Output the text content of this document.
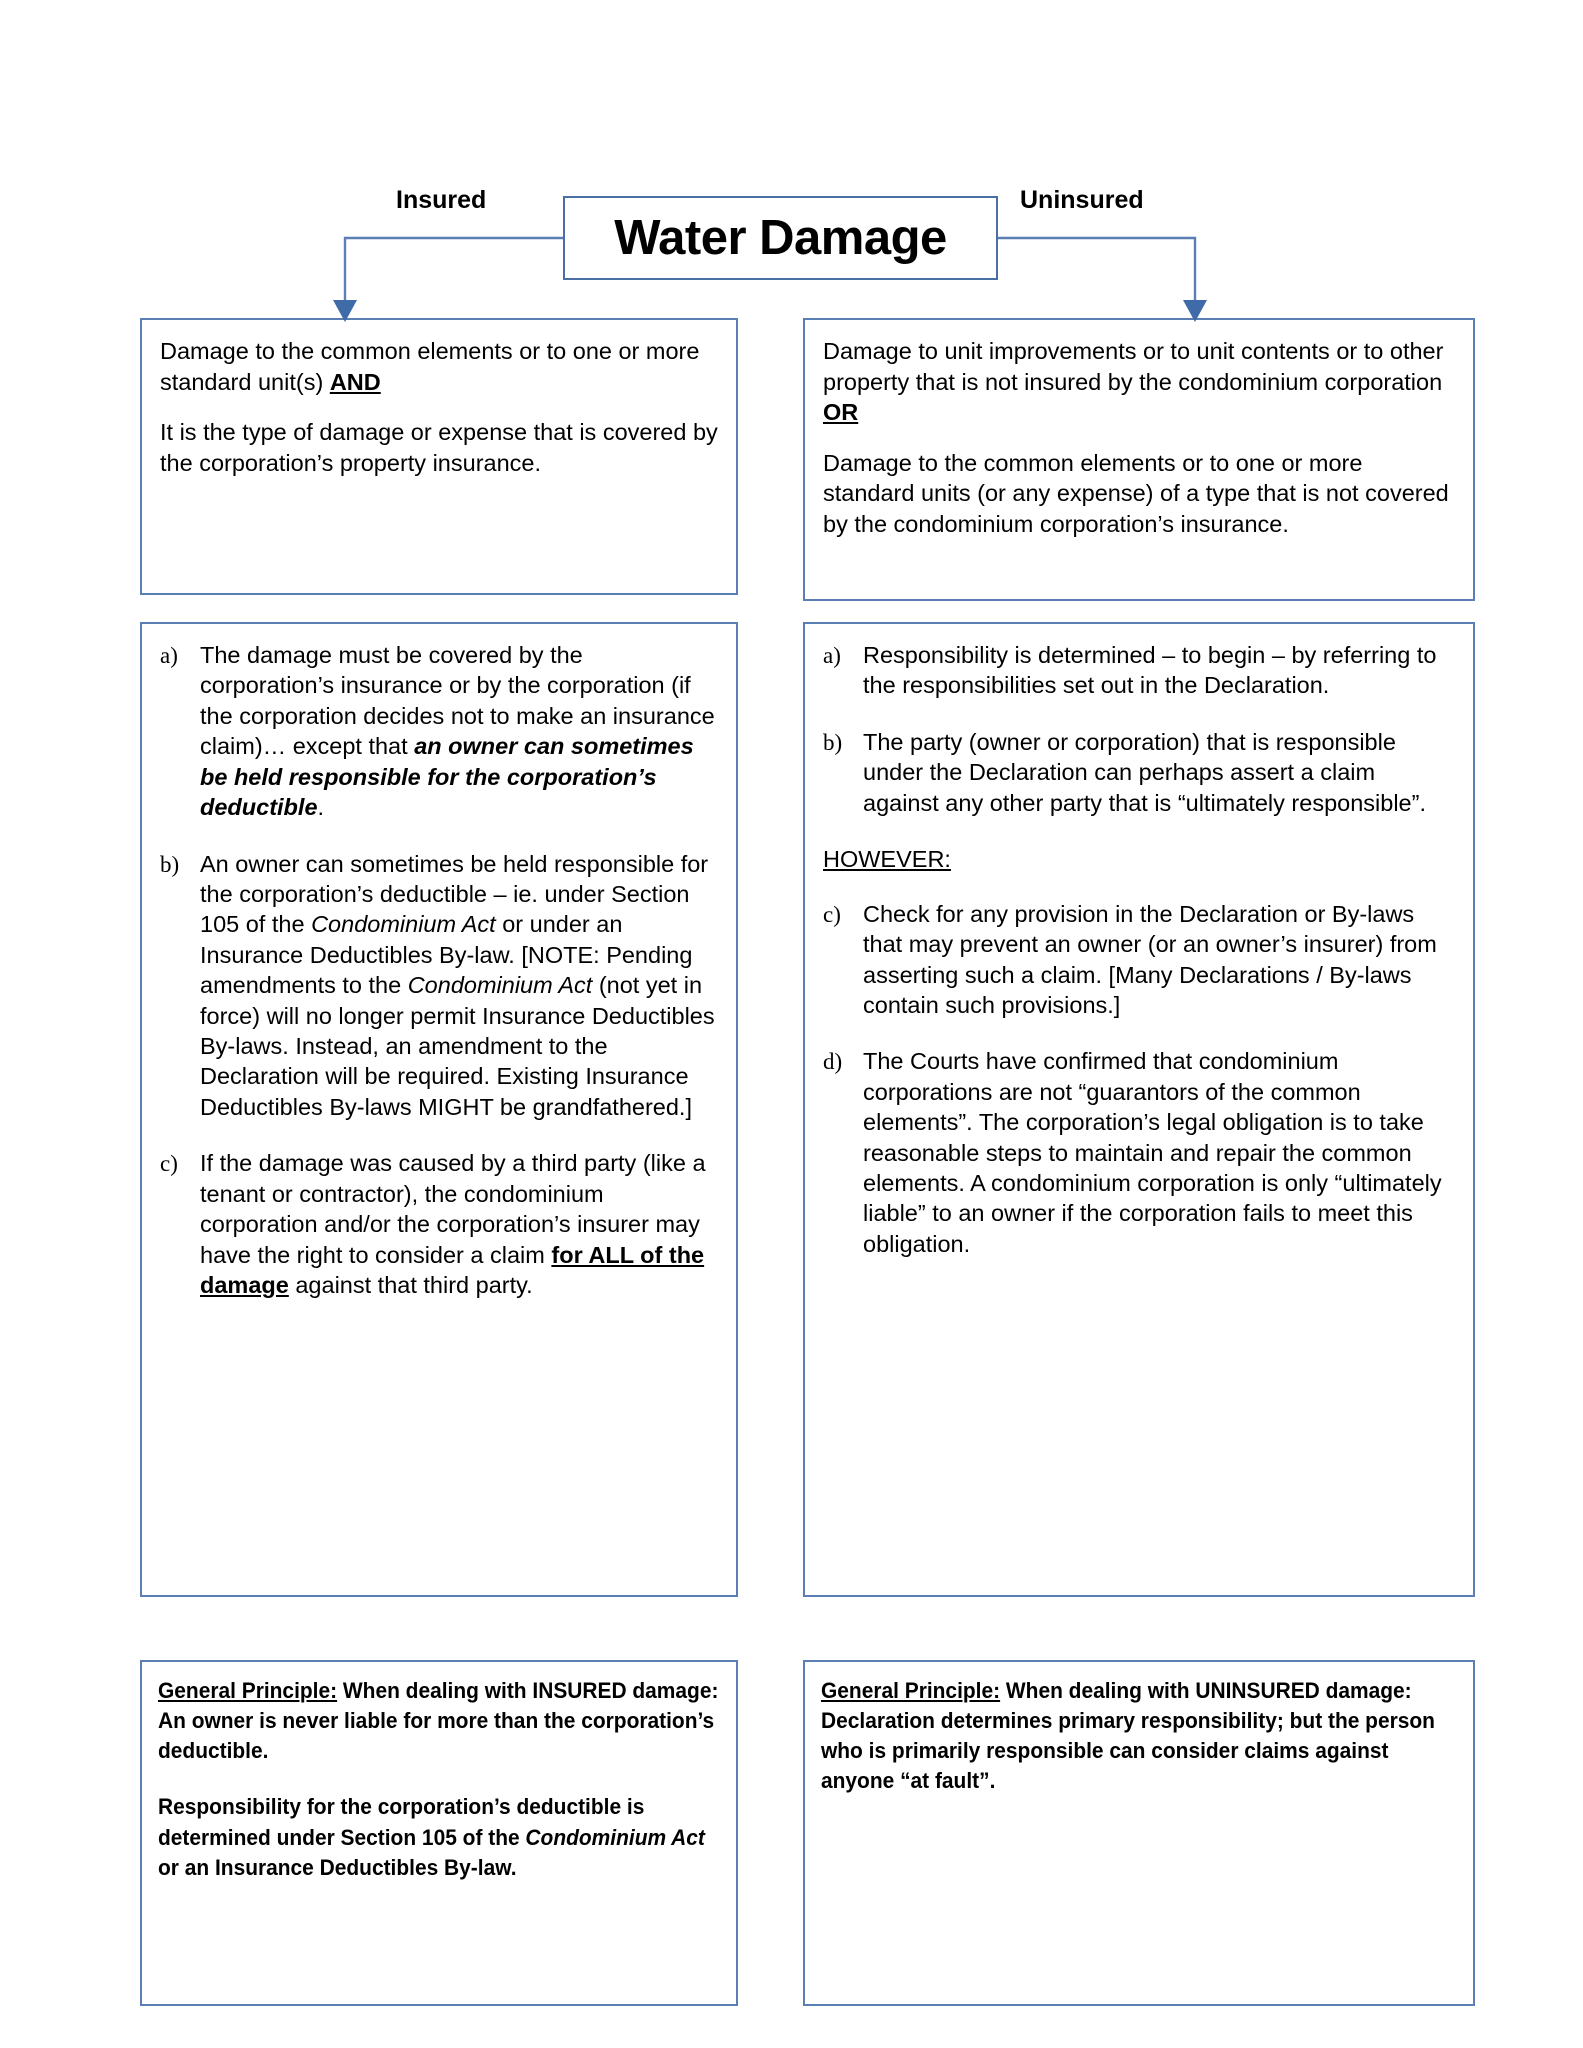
Insured
Water Damage
Uninsured

Damage to the common elements or to one or more standard unit(s) AND

It is the type of damage or expense that is covered by the corporation’s property insurance.

Damage to unit improvements or to unit contents or to other property that is not insured by the condominium corporation OR

Damage to the common elements or to one or more standard units (or any expense) of a type that is not covered by the condominium corporation’s insurance.

a) The damage must be covered by the corporation’s insurance or by the corporation (if the corporation decides not to make an insurance claim)… except that an owner can sometimes be held responsible for the corporation’s deductible.
b) An owner can sometimes be held responsible for the corporation’s deductible – ie. under Section 105 of the Condominium Act or under an Insurance Deductibles By-law. [NOTE: Pending amendments to the Condominium Act (not yet in force) will no longer permit Insurance Deductibles By-laws. Instead, an amendment to the Declaration will be required. Existing Insurance Deductibles By-laws MIGHT be grandfathered.]
c) If the damage was caused by a third party (like a tenant or contractor), the condominium corporation and/or the corporation’s insurer may have the right to consider a claim for ALL of the damage against that third party.
a) Responsibility is determined – to begin – by referring to the responsibilities set out in the Declaration.
b) The party (owner or corporation) that is responsible under the Declaration can perhaps assert a claim against any other party that is “ultimately responsible”.

HOWEVER:

c) Check for any provision in the Declaration or By-laws that may prevent an owner (or an owner’s insurer) from asserting such a claim. [Many Declarations / By-laws contain such provisions.]
d) The Courts have confirmed that condominium corporations are not “guarantors of the common elements”. The corporation’s legal obligation is to take reasonable steps to maintain and repair the common elements. A condominium corporation is only “ultimately liable” to an owner if the corporation fails to meet this obligation.

General Principle: When dealing with INSURED damage: An owner is never liable for more than the corporation’s deductible.

Responsibility for the corporation’s deductible is determined under Section 105 of the Condominium Act or an Insurance Deductibles By-law.

General Principle: When dealing with UNINSURED damage: Declaration determines primary responsibility; but the person who is primarily responsible can consider claims against anyone “at fault”.
